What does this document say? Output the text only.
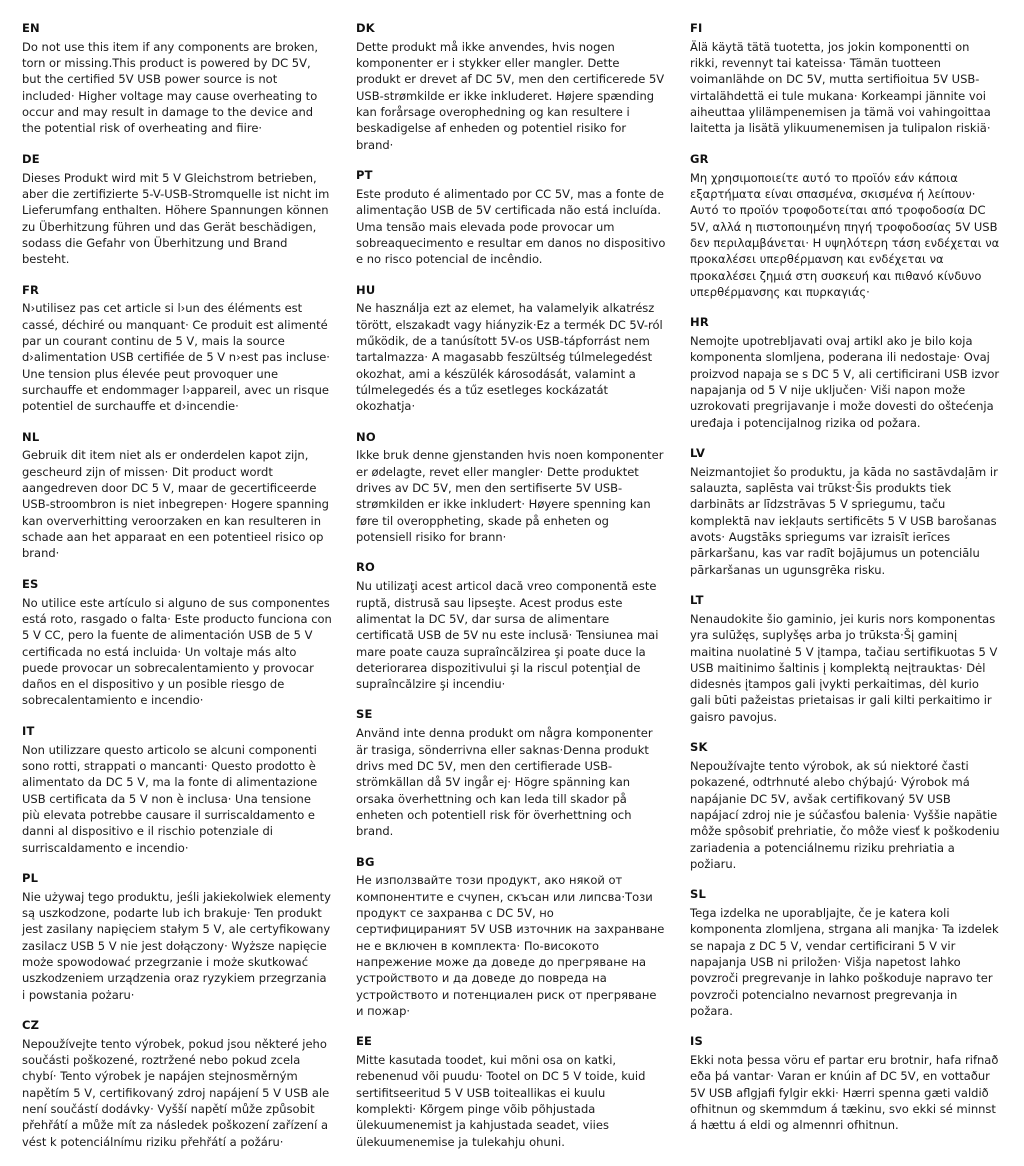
EN
Do not use this item if any components are broken, torn or missing.This product is powered by DC 5V, but the certified 5V USB power source is not included· Higher voltage may cause overheating to occur and may result in damage to the device and the potential risk of overheating and fiire·
DE
Dieses Produkt wird mit 5 V Gleichstrom betrieben, aber die zertifizierte 5-V-USB-Stromquelle ist nicht im Lieferumfang enthalten. Höhere Spannungen können zu Überhitzung führen und das Gerät beschädigen, sodass die Gefahr von Überhitzung und Brand besteht.
FR
N›utilisez pas cet article si l›un des éléments est cassé, déchiré ou manquant· Ce produit est alimenté par un courant continu de 5 V, mais la source d›alimentation USB certifiée de 5 V n›est pas incluse· Une tension plus élevée peut provoquer une surchauffe et endommager l›appareil, avec un risque potentiel de surchauffe et d›incendie·
NL
Gebruik dit item niet als er onderdelen kapot zijn, gescheurd zijn of missen· Dit product wordt aangedreven door DC 5 V, maar de gecertificeerde USB-stroombron is niet inbegrepen· Hogere spanning kan oververhitting veroorzaken en kan resulteren in schade aan het apparaat en een potentieel risico op brand·
ES
No utilice este artículo si alguno de sus componentes está roto, rasgado o falta· Este producto funciona con 5 V CC, pero la fuente de alimentación USB de 5 V certificada no está incluida· Un voltaje más alto puede provocar un sobrecalentamiento y provocar daños en el dispositivo y un posible riesgo de sobrecalentamiento e incendio·
IT
Non utilizzare questo articolo se alcuni componenti sono rotti, strappati o mancanti· Questo prodotto è alimentato da DC 5 V, ma la fonte di alimentazione USB certificata da 5 V non è inclusa· Una tensione più elevata potrebbe causare il surriscaldamento e danni al dispositivo e il rischio potenziale di surriscaldamento e incendio·
PL
Nie używaj tego produktu, jeśli jakiekolwiek elementy są uszkodzone, podarte lub ich brakuje· Ten produkt jest zasilany napięciem stałym 5 V, ale certyfikowany zasilacz USB 5 V nie jest dołączony· Wyższe napięcie może spowodować przegrzanie i może skutkować uszkodzeniem urządzenia oraz ryzykiem przegrzania i powstania pożaru·
CZ
Nepoužívejte tento výrobek, pokud jsou některé jeho součásti poškozené, roztržené nebo pokud zcela chybí· Tento výrobek je napájen stejnosměrným napětím 5 V, certifikovaný zdroj napájení 5 V USB ale není součástí dodávky· Vyšší napětí může způsobit přehřátí a může mít za následek poškození zařízení a vést k potenciálnímu riziku přehřátí a požáru·
DK
Dette produkt må ikke anvendes, hvis nogen komponenter er i stykker eller mangler. Dette produkt er drevet af DC 5V, men den certificerede 5V USB-strømkilde er ikke inkluderet. Højere spænding kan forårsage overophedning og kan resultere i beskadigelse af enheden og potentiel risiko for brand·
PT
Este produto é alimentado por CC 5V, mas a fonte de alimentação USB de 5V certificada não está incluída. Uma tensão mais elevada pode provocar um sobreaquecimento e resultar em danos no dispositivo e no risco potencial de incêndio.
HU
Ne használja ezt az elemet, ha valamelyik alkatrész törött, elszakadt vagy hiányzik·Ez a termék DC 5V-ról működik, de a tanúsított 5V-os USB-tápforrást nem tartalmazza· A magasabb feszültség túlmelegedést okozhat, ami a készülék károsodását, valamint a túlmelegedés és a tűz esetleges kockázatát okozhatja·
NO
Ikke bruk denne gjenstanden hvis noen komponenter er ødelagte, revet eller mangler· Dette produktet drives av DC 5V, men den sertifiserte 5V USB-strømkilden er ikke inkludert· Høyere spenning kan føre til overoppheting, skade på enheten og potensiell risiko for brann·
RO
Nu utilizaţi acest articol dacă vreo componentă este ruptă, distrusă sau lipseşte. Acest produs este alimentat la DC 5V, dar sursa de alimentare certificată USB de 5V nu este inclusă· Tensiunea mai mare poate cauza supraîncălzirea şi poate duce la deteriorarea dispozitivului şi la riscul potenţial de supraîncălzire şi incendiu·
SE
Använd inte denna produkt om några komponenter är trasiga, sönderrivna eller saknas·Denna produkt drivs med DC 5V, men den certifierade USB-strömkällan då 5V ingår ej· Högre spänning kan orsaka överhettning och kan leda till skador på enheten och potentiell risk för överhettning och brand.
BG
Не използвайте този продукт, ако някой от компонентите е счупен, скъсан или липсва·Този продукт се захранва с DC 5V, но сертифицираният 5V USB източник на захранване не е включен в комплекта· По-високото напрежение може да доведе до прегряване на устройството и да доведе до повреда на устройството и потенциален риск от прегряване и пожар·
EE
Mitte kasutada toodet, kui mõni osa on katki, rebenenud või puudu· Tootel on DC 5 V toide, kuid sertifitseeritud 5 V USB toiteallikas ei kuulu komplekti· Kõrgem pinge võib põhjustada ülekuumenemist ja kahjustada seadet, viies ülekuumenemise ja tulekahju ohuni.
FI
Älä käytä tätä tuotetta, jos jokin komponentti on rikki, revennyt tai kateissa· Tämän tuotteen voimanlähde on DC 5V, mutta sertifioitua 5V USB-virtalähdettä ei tule mukana· Korkeampi jännite voi aiheuttaa ylilämpenemisen ja tämä voi vahingoittaa laitetta ja lisätä ylikuumenemisen ja tulipalon riskiä·
GR
Μη χρησιμοποιείτε αυτό το προϊόν εάν κάποια εξαρτήματα είναι σπασμένα, σκισμένα ή λείπουν· Αυτό το προϊόν τροφοδοτείται από τροφοδοσία DC 5V, αλλά η πιστοποιημένη πηγή τροφοδοσίας 5V USB δεν περιλαμβάνεται· Η υψηλότερη τάση ενδέχεται να προκαλέσει υπερθέρμανση και ενδέχεται να προκαλέσει ζημιά στη συσκευή και πιθανό κίνδυνο υπερθέρμανσης και πυρκαγιάς·
HR
Nemojte upotrebljavati ovaj artikl ako je bilo koja komponenta slomljena, poderana ili nedostaje· Ovaj proizvod napaja se s DC 5 V, ali certificirani USB izvor napajanja od 5 V nije uključen· Viši napon može uzrokovati pregrijavanje i može dovesti do oštećenja uređaja i potencijalnog rizika od požara.
LV
Neizmantojiet šo produktu, ja kāda no sastāvdaļām ir salauzta, saplēsta vai trūkst·Šis produkts tiek darbināts ar līdzstrāvas 5 V spriegumu, taču komplektā nav iekļauts sertificēts 5 V USB barošanas avots· Augstāks spriegums var izraisīt ierīces pārkaršanu, kas var radīt bojājumus un potenciālu pārkaršanas un ugunsgrēka risku.
LT
Nenaudokite šio gaminio, jei kuris nors komponentas yra sulūžęs, suplyšęs arba jo trūksta·Šį gaminį maitina nuolatinė 5 V įtampa, tačiau sertifikuotas 5 V USB maitinimo šaltinis į komplektą neįtrauktas· Dėl didesnės įtampos gali įvykti perkaitimas, dėl kurio gali būti pažeistas prietaisas ir gali kilti perkaitimo ir gaisro pavojus.
SK
Nepoužívajte tento výrobok, ak sú niektoré časti pokazené, odtrhnuté alebo chýbajú· Výrobok má napájanie DC 5V, avšak certifikovaný 5V USB napájací zdroj nie je súčasťou balenia· Vyššie napätie môže spôsobiť prehriatie, čo môže viesť k poškodeniu zariadenia a potenciálnemu riziku prehriatia a požiaru.
SL
Tega izdelka ne uporabljajte, če je katera koli komponenta zlomljena, strgana ali manjka· Ta izdelek se napaja z DC 5 V, vendar certificirani 5 V vir napajanja USB ni priložen· Višja napetost lahko povzroči pregrevanje in lahko poškoduje napravo ter povzroči potencialno nevarnost pregrevanja in požara.
IS
Ekki nota þessa vöru ef partar eru brotnir, hafa rifnað eða þá vantar· Varan er knúin af DC 5V, en vottaður 5V USB aflgjafi fylgir ekki· Hærri spenna gæti valdið ofhitnun og skemmdum á tækinu, svo ekki sé minnst á hættu á eldi og almennri ofhitnun.
